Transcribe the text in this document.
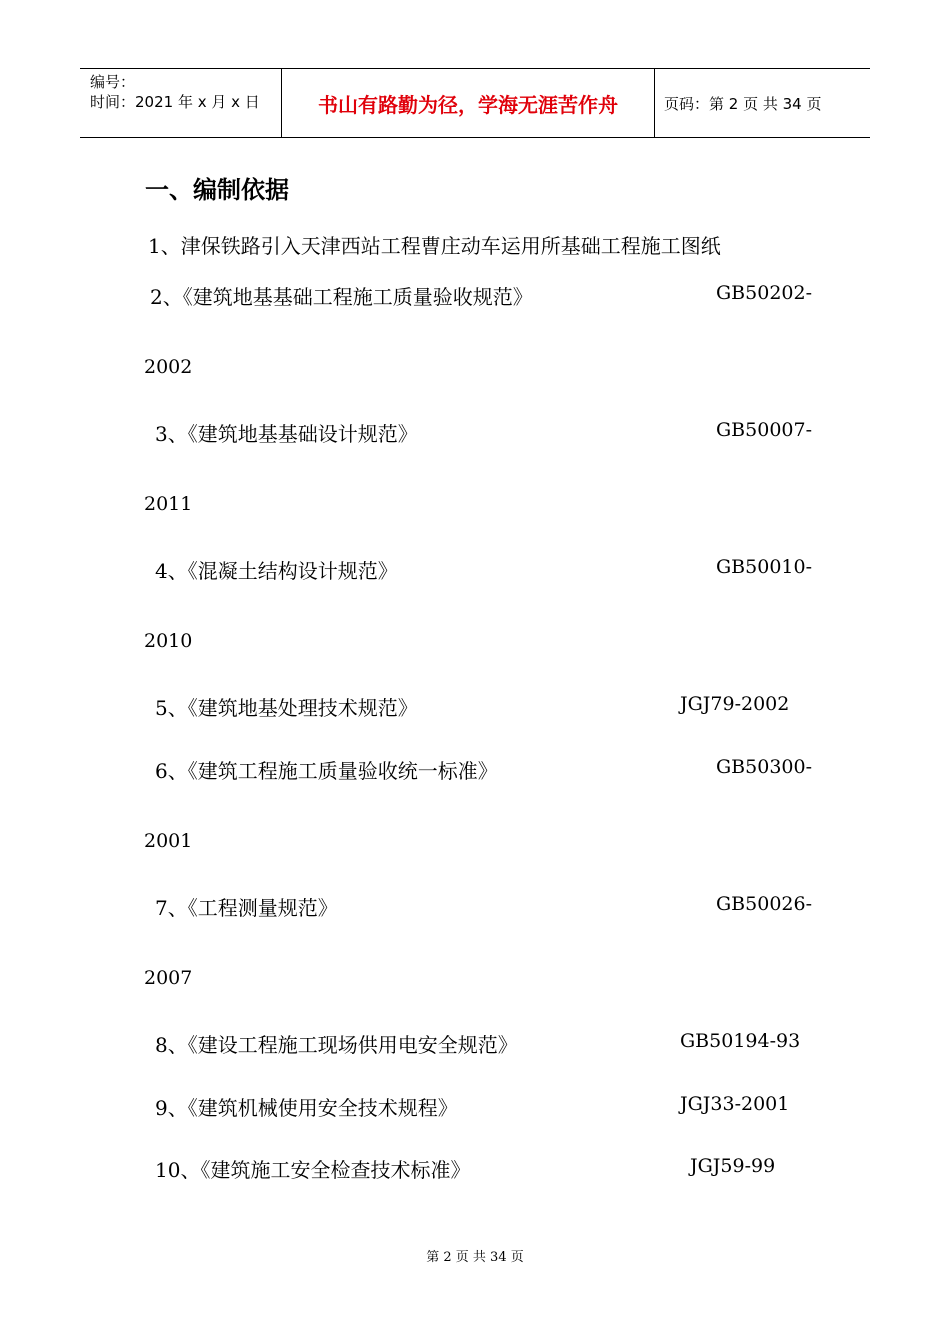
编号：
时间：2021 年 x 月 x 日	书山有路勤为径，学海无涯苦作舟	页码：第 2 页 共 34 页
一、编制依据
1、津保铁路引入天津西站工程曹庄动车运用所基础工程施工图纸
2、《建筑地基基础工程施工质量验收规范》	GB50202-
2002
3、《建筑地基基础设计规范》	GB50007-
2011
4、《混凝土结构设计规范》	GB50010-
2010
5、《建筑地基处理技术规范》	JGJ79-2002
6、《建筑工程施工质量验收统一标准》	GB50300-
2001
7、《工程测量规范》	GB50026-
2007
8、《建设工程施工现场供用电安全规范》	GB50194-93
9、《建筑机械使用安全技术规程》	JGJ33-2001
10、《建筑施工安全检查技术标准》	JGJ59-99
第 2 页 共 34 页
